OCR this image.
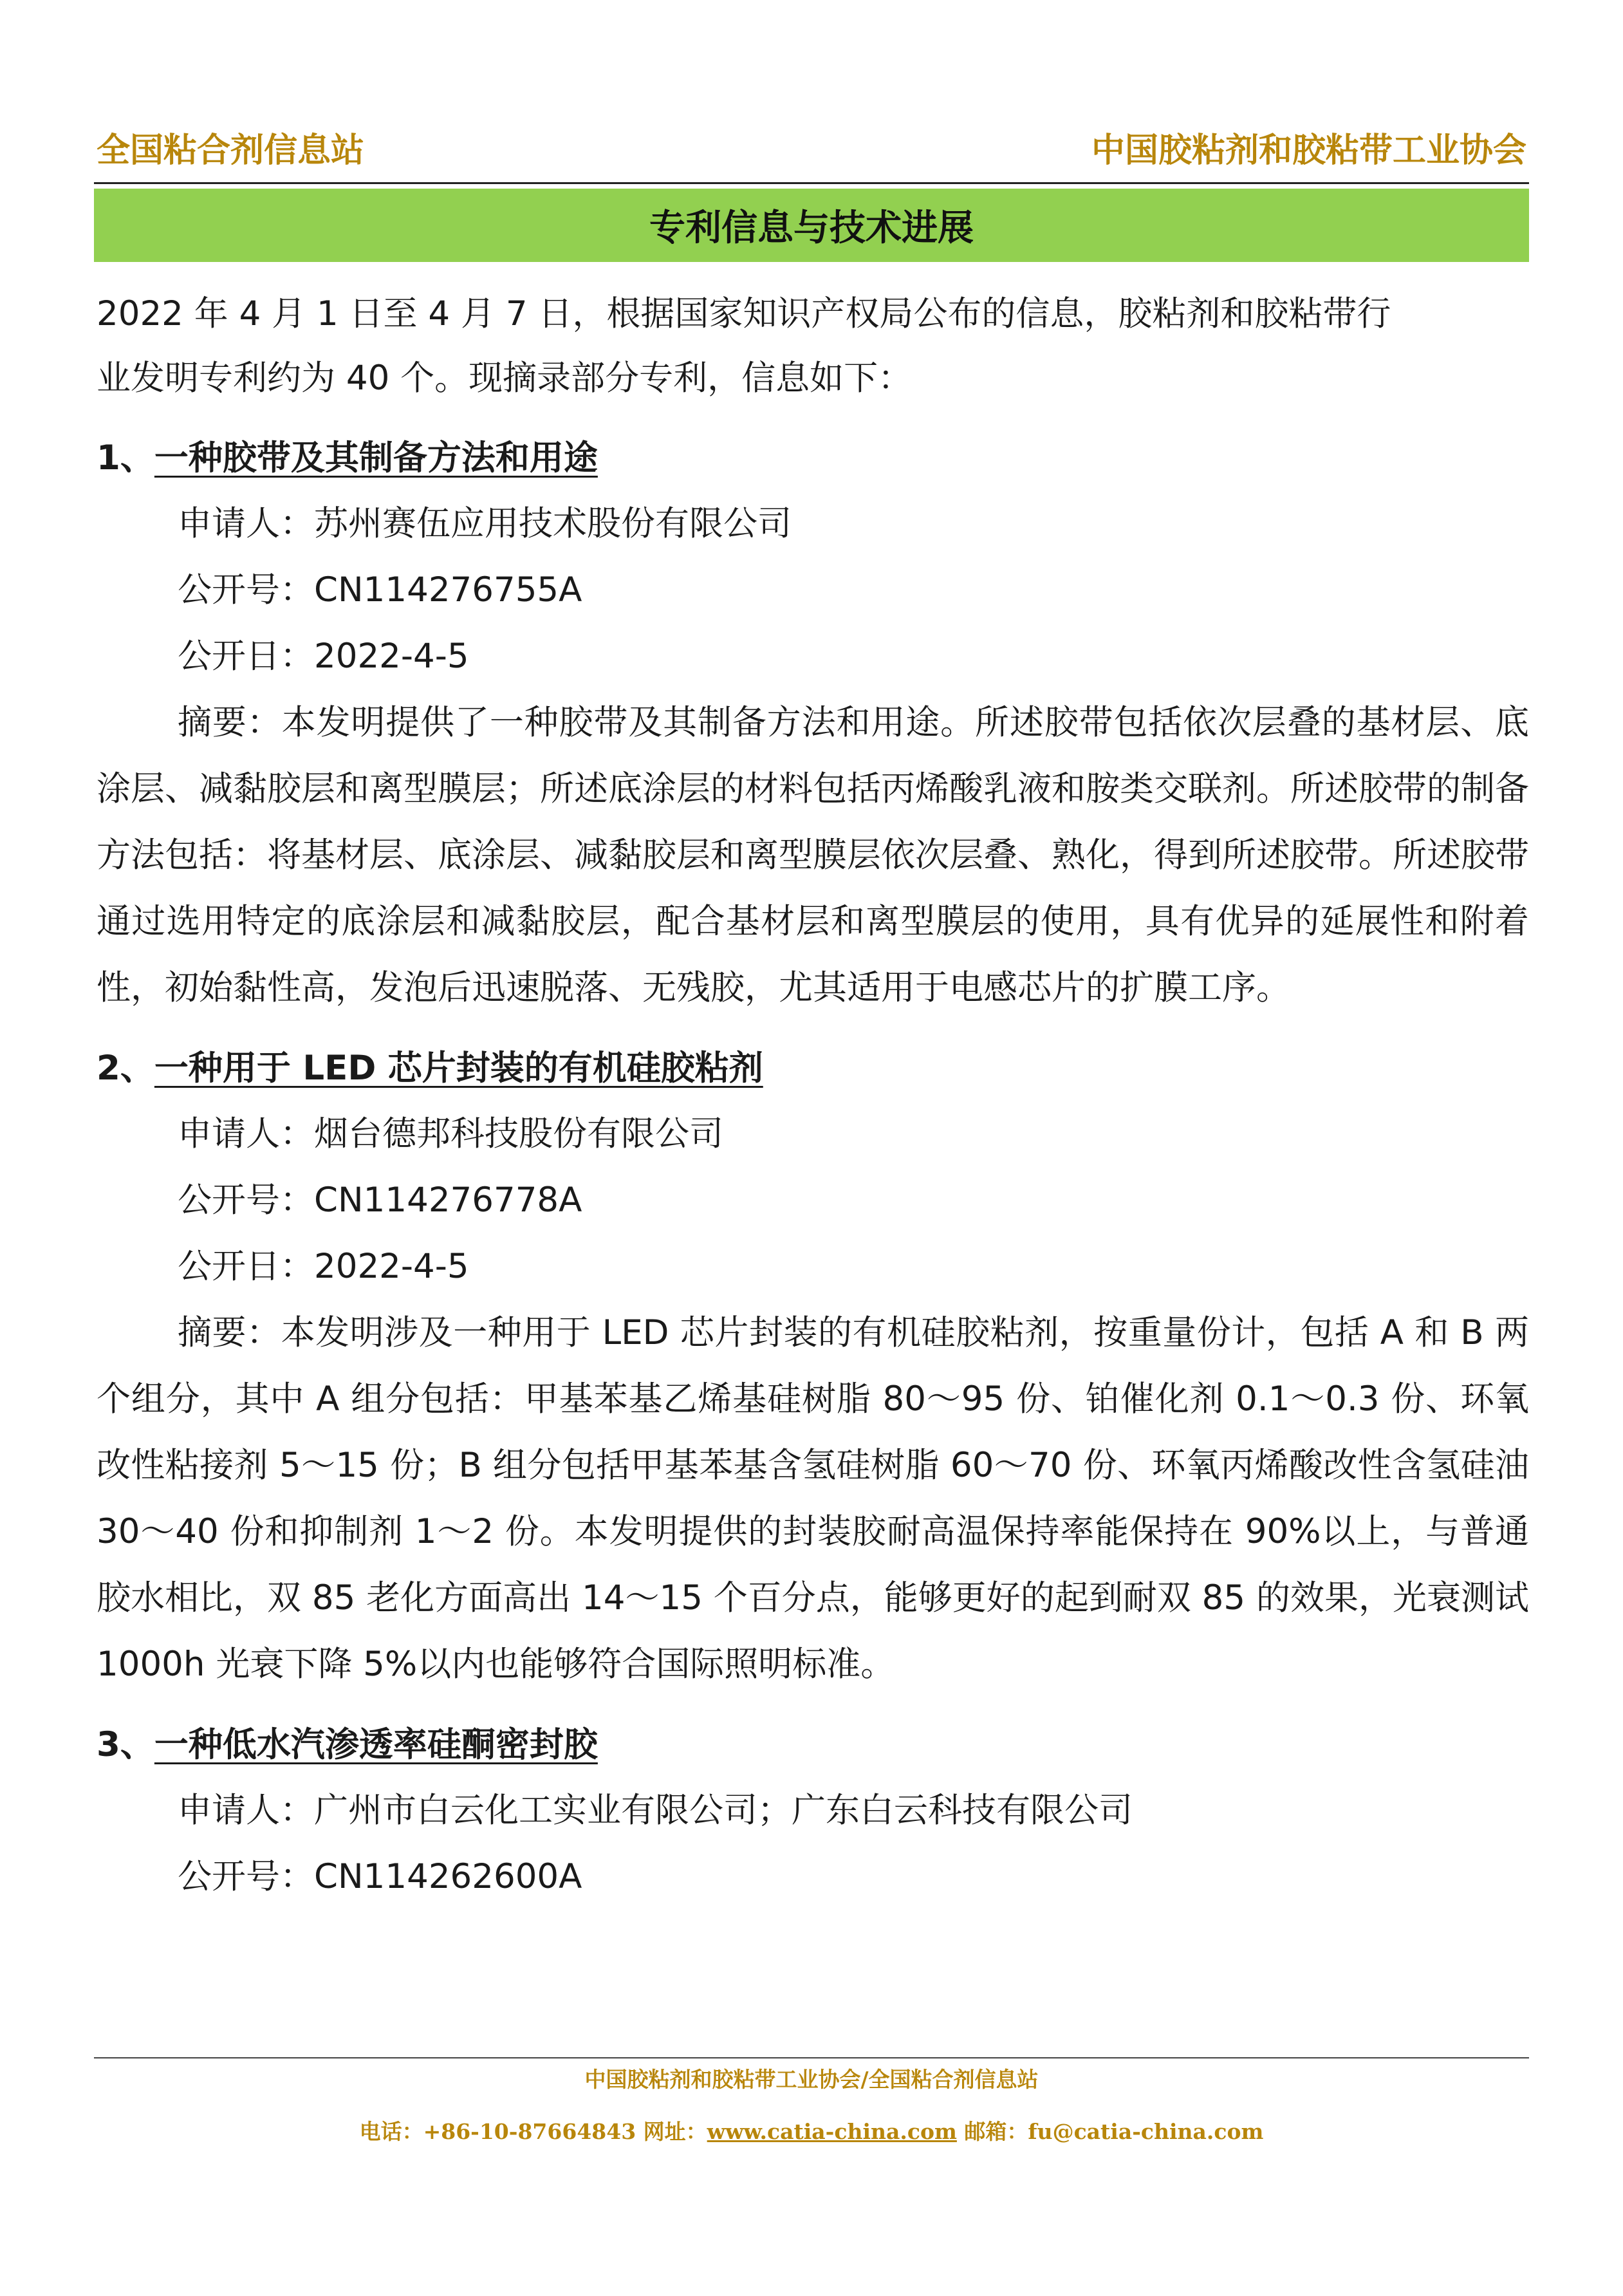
全国粘合剂信息站	中国胶粘剂和胶粘带工业协会
专利信息与技术进展

2022 年 4 月 1 日至 4 月 7 日，根据国家知识产权局公布的信息，胶粘剂和胶粘带行
业发明专利约为 40 个。现摘录部分专利，信息如下：

1、一种胶带及其制备方法和用途

申请人：苏州赛伍应用技术股份有限公司
公开号：CN114276755A
公开日：2022-4-5
摘要：本发明提供了一种胶带及其制备方法和用途。所述胶带包括依次层叠的基材层、底涂层、减黏胶层和离型膜层；所述底涂层的材料包括丙烯酸乳液和胺类交联剂。所述胶带的制备方法包括：将基材层、底涂层、减黏胶层和离型膜层依次层叠、熟化，得到所述胶带。所述胶带通过选用特定的底涂层和减黏胶层，配合基材层和离型膜层的使用，具有优异的延展性和附着性，初始黏性高，发泡后迅速脱落、无残胶，尤其适用于电感芯片的扩膜工序。

2、一种用于 LED 芯片封装的有机硅胶粘剂

申请人：烟台德邦科技股份有限公司
公开号：CN114276778A
公开日：2022-4-5
摘要：本发明涉及一种用于 LED 芯片封装的有机硅胶粘剂，按重量份计，包括 A 和 B 两个组分，其中 A 组分包括：甲基苯基乙烯基硅树脂 80～95 份、铂催化剂 0.1～0.3 份、环氧改性粘接剂 5～15 份；B 组分包括甲基苯基含氢硅树脂 60～70 份、环氧丙烯酸改性含氢硅油 30～40 份和抑制剂 1～2 份。本发明提供的封装胶耐高温保持率能保持在 90%以上，与普通胶水相比，双 85 老化方面高出 14～15 个百分点，能够更好的起到耐双 85 的效果，光衰测试 1000h 光衰下降 5%以内也能够符合国际照明标准。

3、一种低水汽渗透率硅酮密封胶

申请人：广州市白云化工实业有限公司；广东白云科技有限公司
公开号：CN114262600A
中国胶粘剂和胶粘带工业协会/全国粘合剂信息站
电话：+86-10-87664843 网址：www.catia-china.com 邮箱：fu@catia-china.com
